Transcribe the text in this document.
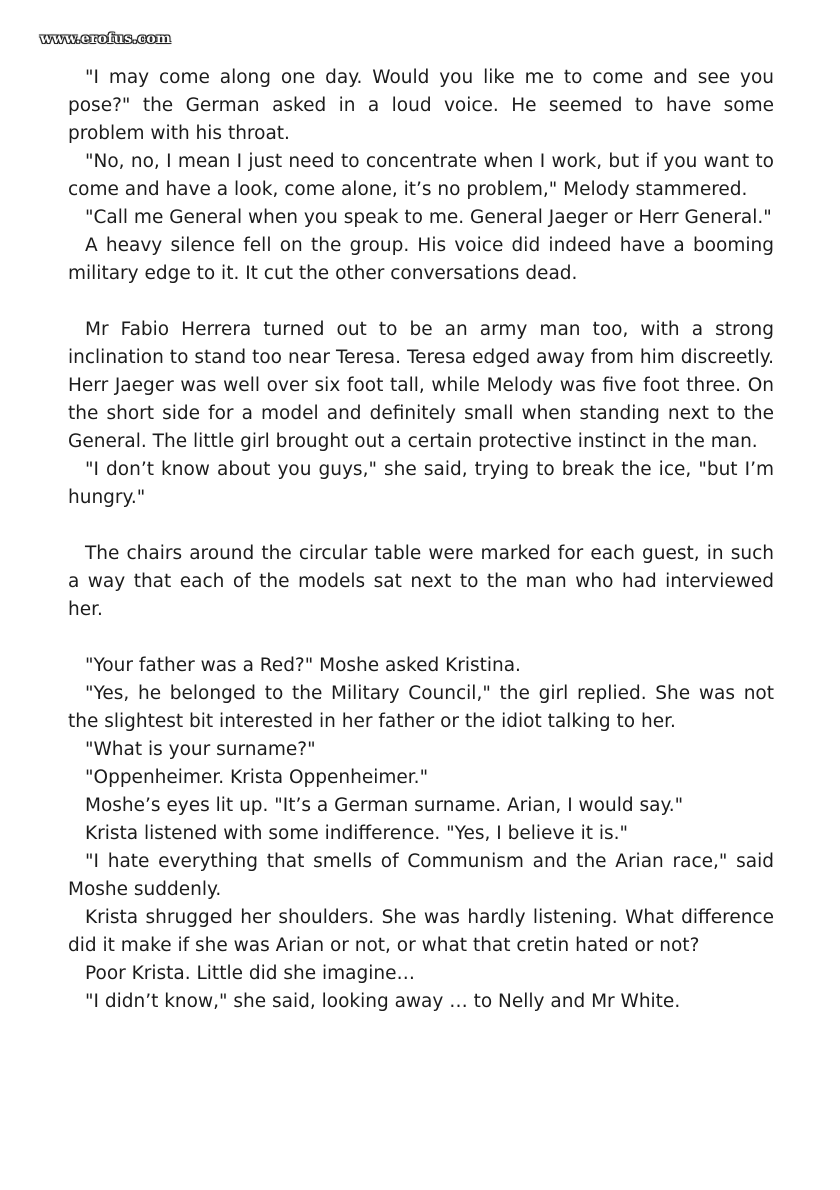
www.erofus.com

"I may come along one day. Would you like me to come and see you pose?" the German asked in a loud voice. He seemed to have some problem with his throat.

"No, no, I mean I just need to concentrate when I work, but if you want to come and have a look, come alone, it’s no problem," Melody stammered.

"Call me General when you speak to me. General Jaeger or Herr General."

A heavy silence fell on the group. His voice did indeed have a booming military edge to it. It cut the other conversations dead.

Mr Fabio Herrera turned out to be an army man too, with a strong inclination to stand too near Teresa. Teresa edged away from him discreetly. Herr Jaeger was well over six foot tall, while Melody was five foot three. On the short side for a model and definitely small when standing next to the General. The little girl brought out a certain protective instinct in the man.

"I don’t know about you guys," she said, trying to break the ice, "but I’m hungry."

The chairs around the circular table were marked for each guest, in such a way that each of the models sat next to the man who had interviewed her.

"Your father was a Red?" Moshe asked Kristina.

"Yes, he belonged to the Military Council," the girl replied. She was not the slightest bit interested in her father or the idiot talking to her.

"What is your surname?"

"Oppenheimer. Krista Oppenheimer."

Moshe’s eyes lit up. "It’s a German surname. Arian, I would say."

Krista listened with some indifference. "Yes, I believe it is."

"I hate everything that smells of Communism and the Arian race," said Moshe suddenly.

Krista shrugged her shoulders. She was hardly listening. What difference did it make if she was Arian or not, or what that cretin hated or not?

Poor Krista. Little did she imagine…

"I didn’t know," she said, looking away … to Nelly and Mr White.
